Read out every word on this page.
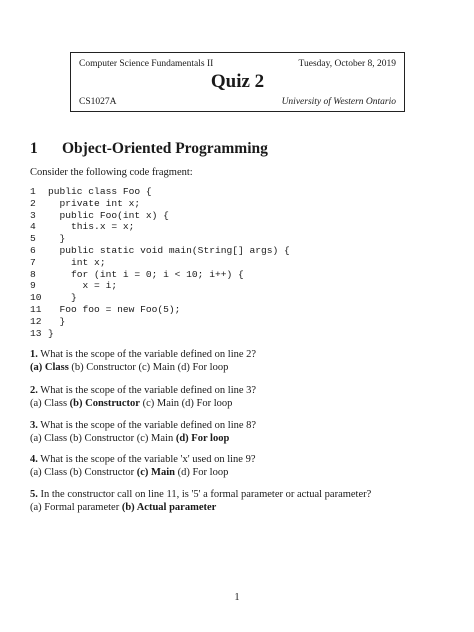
Computer Science Fundamentals II	Tuesday, October 8, 2019
Quiz 2
CS1027A	University of Western Ontario
1 Object-Oriented Programming
Consider the following code fragment:
1 public class Foo {
2  private int x;
3  public Foo(int x) {
4    this.x = x;
5  }
6  public static void main(String[] args) {
7    int x;
8    for (int i = 0; i < 10; i++) {
9      x = i;
10    }
11  Foo foo = new Foo(5);
12  }
13 }
1. What is the scope of the variable defined on line 2?
(a) Class (b) Constructor (c) Main (d) For loop
2. What is the scope of the variable defined on line 3?
(a) Class (b) Constructor (c) Main (d) For loop
3. What is the scope of the variable defined on line 8?
(a) Class (b) Constructor (c) Main (d) For loop
4. What is the scope of the variable 'x' used on line 9?
(a) Class (b) Constructor (c) Main (d) For loop
5. In the constructor call on line 11, is '5' a formal parameter or actual parameter?
(a) Formal parameter (b) Actual parameter
1
